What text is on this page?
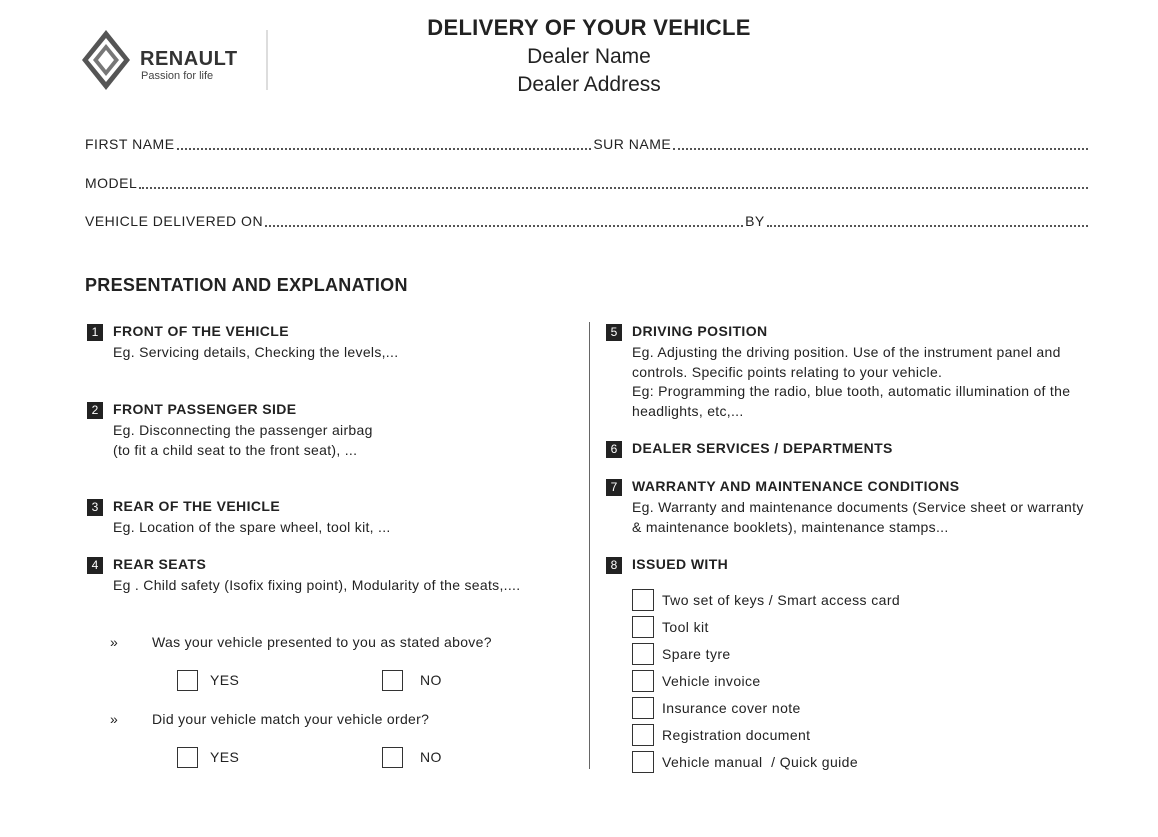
RENAULT
Passion for life
DELIVERY OF YOUR VEHICLE
Dealer Name
Dealer Address
FIRST NAME	SUR NAME
MODEL
VEHICLE DELIVERED ON	BY
PRESENTATION AND EXPLANATION
1	FRONT OF THE VEHICLE
Eg. Servicing details, Checking the levels,...
2	FRONT PASSENGER SIDE
Eg. Disconnecting the passenger airbag
(to fit a child seat to the front seat), ...
3	REAR OF THE VEHICLE
Eg. Location of the spare wheel, tool kit, ...
4	REAR SEATS
Eg . Child safety (Isofix fixing point), Modularity of the seats,....
» Was your vehicle presented to you as stated above?
YES	NO
» Did your vehicle match your vehicle order?
YES	NO
5	DRIVING POSITION
Eg. Adjusting the driving position. Use of the instrument panel and
controls. Specific points relating to your vehicle.
Eg: Programming the radio, blue tooth, automatic illumination of the
headlights, etc,...
6	DEALER SERVICES / DEPARTMENTS
7	WARRANTY AND MAINTENANCE CONDITIONS
Eg. Warranty and maintenance documents (Service sheet or warranty
& maintenance booklets), maintenance stamps...
8	ISSUED WITH
Two set of keys / Smart access card
Tool kit
Spare tyre
Vehicle invoice
Insurance cover note
Registration document
Vehicle manual  / Quick guide
